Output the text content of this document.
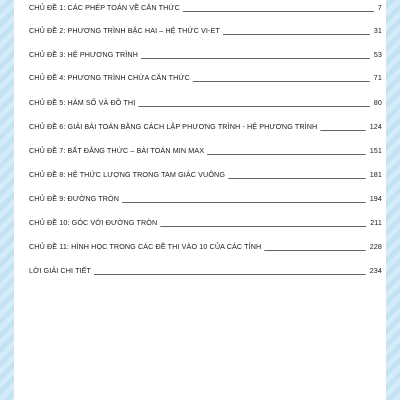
CHỦ ĐỀ 1: CÁC PHÉP TOÁN VỀ CĂN THỨC	7
CHỦ ĐỀ 2: PHƯƠNG TRÌNH BẬC HAI – HỆ THỨC VI-ET	31
CHỦ ĐỀ 3: HỆ PHƯƠNG TRÌNH	53
CHỦ ĐỀ 4: PHƯƠNG TRÌNH CHỨA CĂN THỨC	71
CHỦ ĐỀ 5: HÀM SỐ VÀ ĐỒ THỊ	80
CHỦ ĐỀ 6: GIẢI BÀI TOÁN BẰNG CÁCH LẬP PHƯƠNG TRÌNH - HỆ PHƯƠNG TRÌNH	124
CHỦ ĐỀ 7: BẤT ĐẲNG THỨC – BÀI TOÁN MIN MAX	151
CHỦ ĐỀ 8: HỆ THỨC LƯỢNG TRONG TAM GIÁC VUÔNG	181
CHỦ ĐỀ 9: ĐƯỜNG TRÒN	194
CHỦ ĐỀ 10: GÓC VỚI ĐƯỜNG TRÒN	211
CHỦ ĐỀ 11: HÌNH HỌC TRONG CÁC ĐỀ THI VÀO 10 CỦA CÁC TỈNH	228
LỜI GIẢI CHI TIẾT	234
